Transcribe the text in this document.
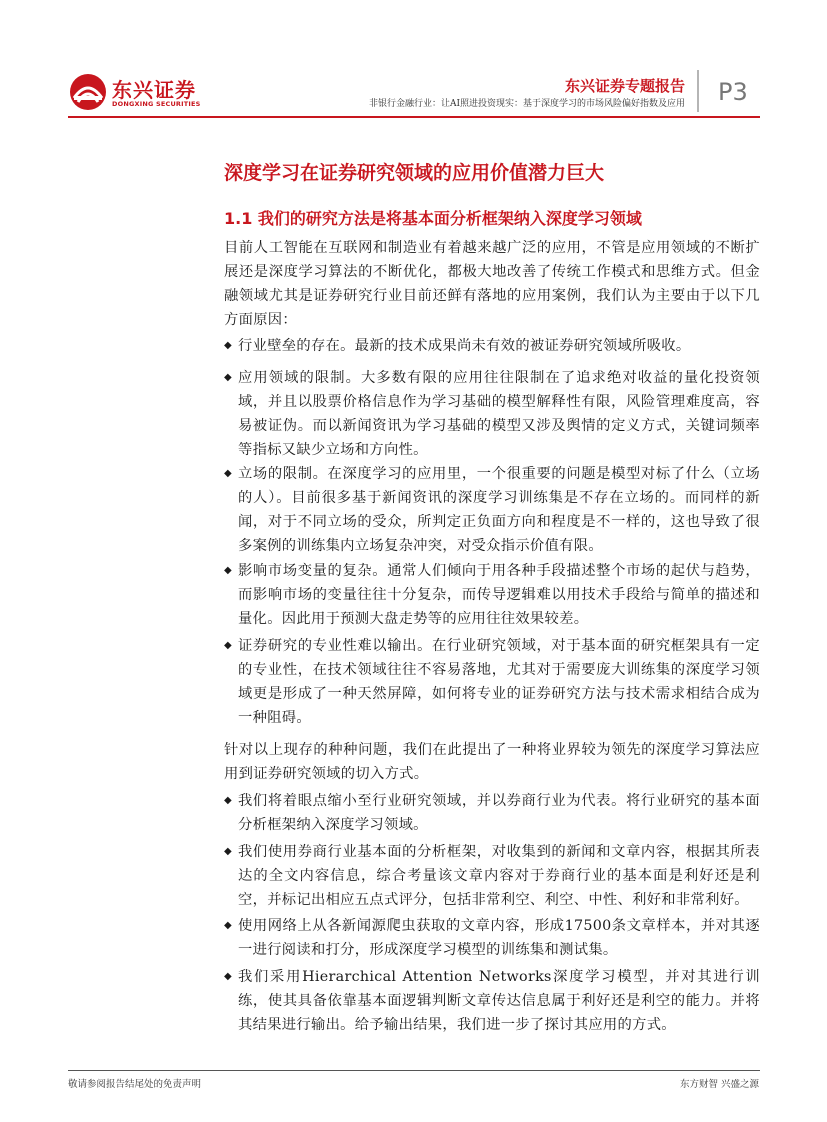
东兴证券
DONGXING SECURITIES
东兴证券专题报告
非银行金融行业：让AI照进投资现实：基于深度学习的市场风险偏好指数及应用 P3
深度学习在证券研究领域的应用价值潜力巨大
1.1 我们的研究方法是将基本面分析框架纳入深度学习领域
目前人工智能在互联网和制造业有着越来越广泛的应用，不管是应用领域的不断扩展还是深度学习算法的不断优化，都极大地改善了传统工作模式和思维方式。但金融领域尤其是证券研究行业目前还鲜有落地的应用案例，我们认为主要由于以下几方面原因：
◆ 行业壁垒的存在。最新的技术成果尚未有效的被证券研究领域所吸收。
◆ 应用领域的限制。大多数有限的应用往往限制在了追求绝对收益的量化投资领域，并且以股票价格信息作为学习基础的模型解释性有限，风险管理难度高，容易被证伪。而以新闻资讯为学习基础的模型又涉及舆情的定义方式，关键词频率等指标又缺少立场和方向性。
◆ 立场的限制。在深度学习的应用里，一个很重要的问题是模型对标了什么（立场的人）。目前很多基于新闻资讯的深度学习训练集是不存在立场的。而同样的新闻，对于不同立场的受众，所判定正负面方向和程度是不一样的，这也导致了很多案例的训练集内立场复杂冲突，对受众指示价值有限。
◆ 影响市场变量的复杂。通常人们倾向于用各种手段描述整个市场的起伏与趋势，而影响市场的变量往往十分复杂，而传导逻辑难以用技术手段给与简单的描述和量化。因此用于预测大盘走势等的应用往往效果较差。
◆ 证券研究的专业性难以输出。在行业研究领域，对于基本面的研究框架具有一定的专业性，在技术领域往往不容易落地，尤其对于需要庞大训练集的深度学习领域更是形成了一种天然屏障，如何将专业的证券研究方法与技术需求相结合成为一种阻碍。
针对以上现存的种种问题，我们在此提出了一种将业界较为领先的深度学习算法应用到证券研究领域的切入方式。
◆ 我们将着眼点缩小至行业研究领域，并以券商行业为代表。将行业研究的基本面分析框架纳入深度学习领域。
◆ 我们使用券商行业基本面的分析框架，对收集到的新闻和文章内容，根据其所表达的全文内容信息，综合考量该文章内容对于券商行业的基本面是利好还是利空，并标记出相应五点式评分，包括非常利空、利空、中性、利好和非常利好。
◆ 使用网络上从各新闻源爬虫获取的文章内容，形成17500条文章样本，并对其逐一进行阅读和打分，形成深度学习模型的训练集和测试集。
◆ 我们采用Hierarchical Attention Networks深度学习模型，并对其进行训练，使其具备依靠基本面逻辑判断文章传达信息属于利好还是利空的能力。并将其结果进行输出。给予输出结果，我们进一步了探讨其应用的方式。
敬请参阅报告结尾处的免责声明	东方财智 兴盛之源
